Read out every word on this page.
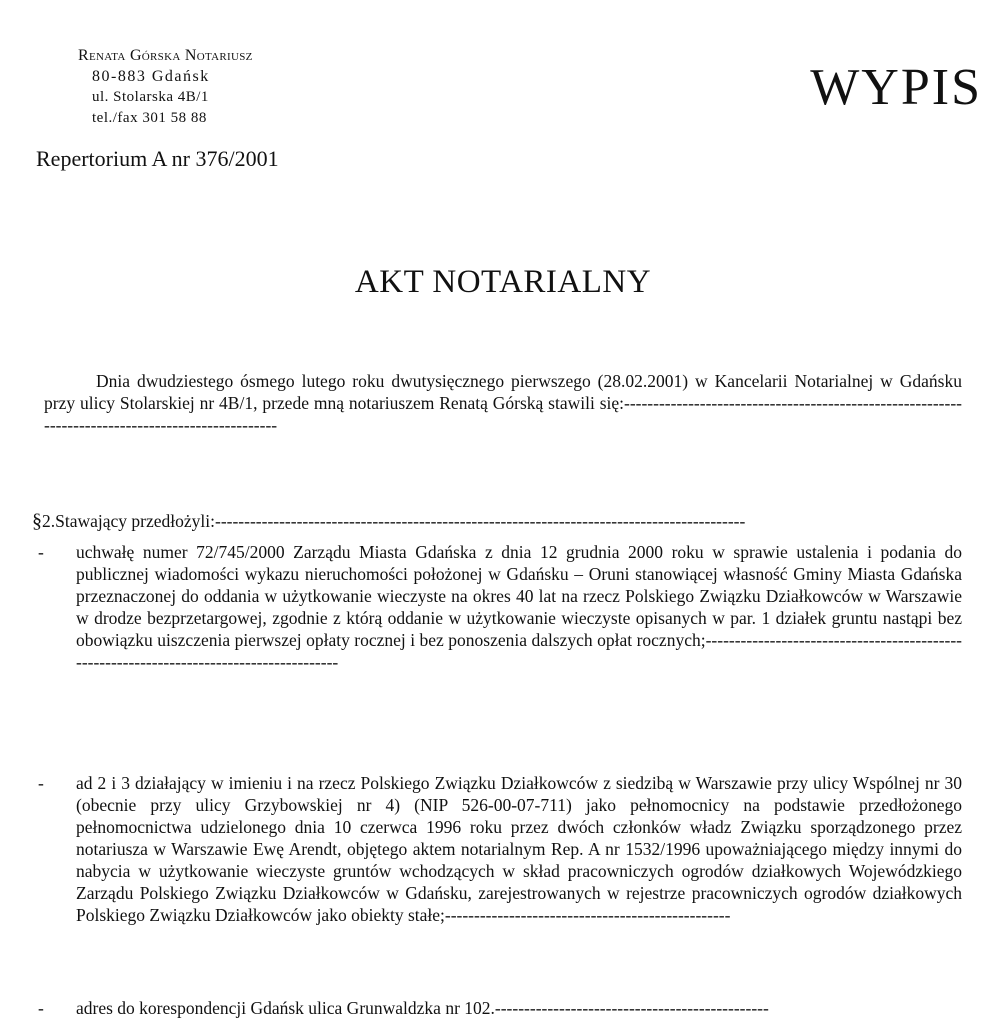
Renata Górska Notariusz
80-883 Gdańsk
ul. Stolarska 4B/1
tel./fax 301 58 88
WYPIS
Repertorium A nr 376/2001
AKT NOTARIALNY
Dnia dwudziestego ósmego lutego roku dwutysięcznego pierwszego (28.02.2001) w Kancelarii Notarialnej w Gdańsku przy ulicy Stolarskiej nr 4B/1, przede mną notariuszem Renatą Górską stawili się:--------------------------------------------------------------------------------------------------
§2.Stawający przedłożyli:-------------------------------------------------------------------------------------------
- uchwałę numer 72/745/2000 Zarządu Miasta Gdańska z dnia 12 grudnia 2000 roku w sprawie ustalenia i podania do publicznej wiadomości wykazu nieruchomości położonej w Gdańsku – Oruni stanowiącej własność Gminy Miasta Gdańska przeznaczonej do oddania w użytkowanie wieczyste na okres 40 lat na rzecz Polskiego Związku Działkowców w Warszawie w drodze bezprzetargowej, zgodnie z którą oddanie w użytkowanie wieczyste opisanych w par. 1 działek gruntu nastąpi bez obowiązku uiszczenia pierwszej opłaty rocznej i bez ponoszenia dalszych opłat rocznych;-----------------------------------------------------------------------------------------
- ad 2 i 3 działający w imieniu i na rzecz Polskiego Związku Działkowców z siedzibą w Warszawie przy ulicy Wspólnej nr 30 (obecnie przy ulicy Grzybowskiej nr 4) (NIP 526-00-07-711) jako pełnomocnicy na podstawie przedłożonego pełnomocnictwa udzielonego dnia 10 czerwca 1996 roku przez dwóch członków władz Związku sporządzonego przez notariusza w Warszawie Ewę Arendt, objętego aktem notarialnym Rep. A nr 1532/1996 upoważniającego między innymi do nabycia w użytkowanie wieczyste gruntów wchodzących w skład pracowniczych ogrodów działkowych Wojewódzkiego Zarządu Polskiego Związku Działkowców w Gdańsku, zarejestrowanych w rejestrze pracowniczych ogrodów działkowych Polskiego Związku Działkowców jako obiekty stałe;-------------------------------------------------
- adres do korespondencji Gdańsk ulica Grunwaldzka nr 102.-----------------------------------------------
